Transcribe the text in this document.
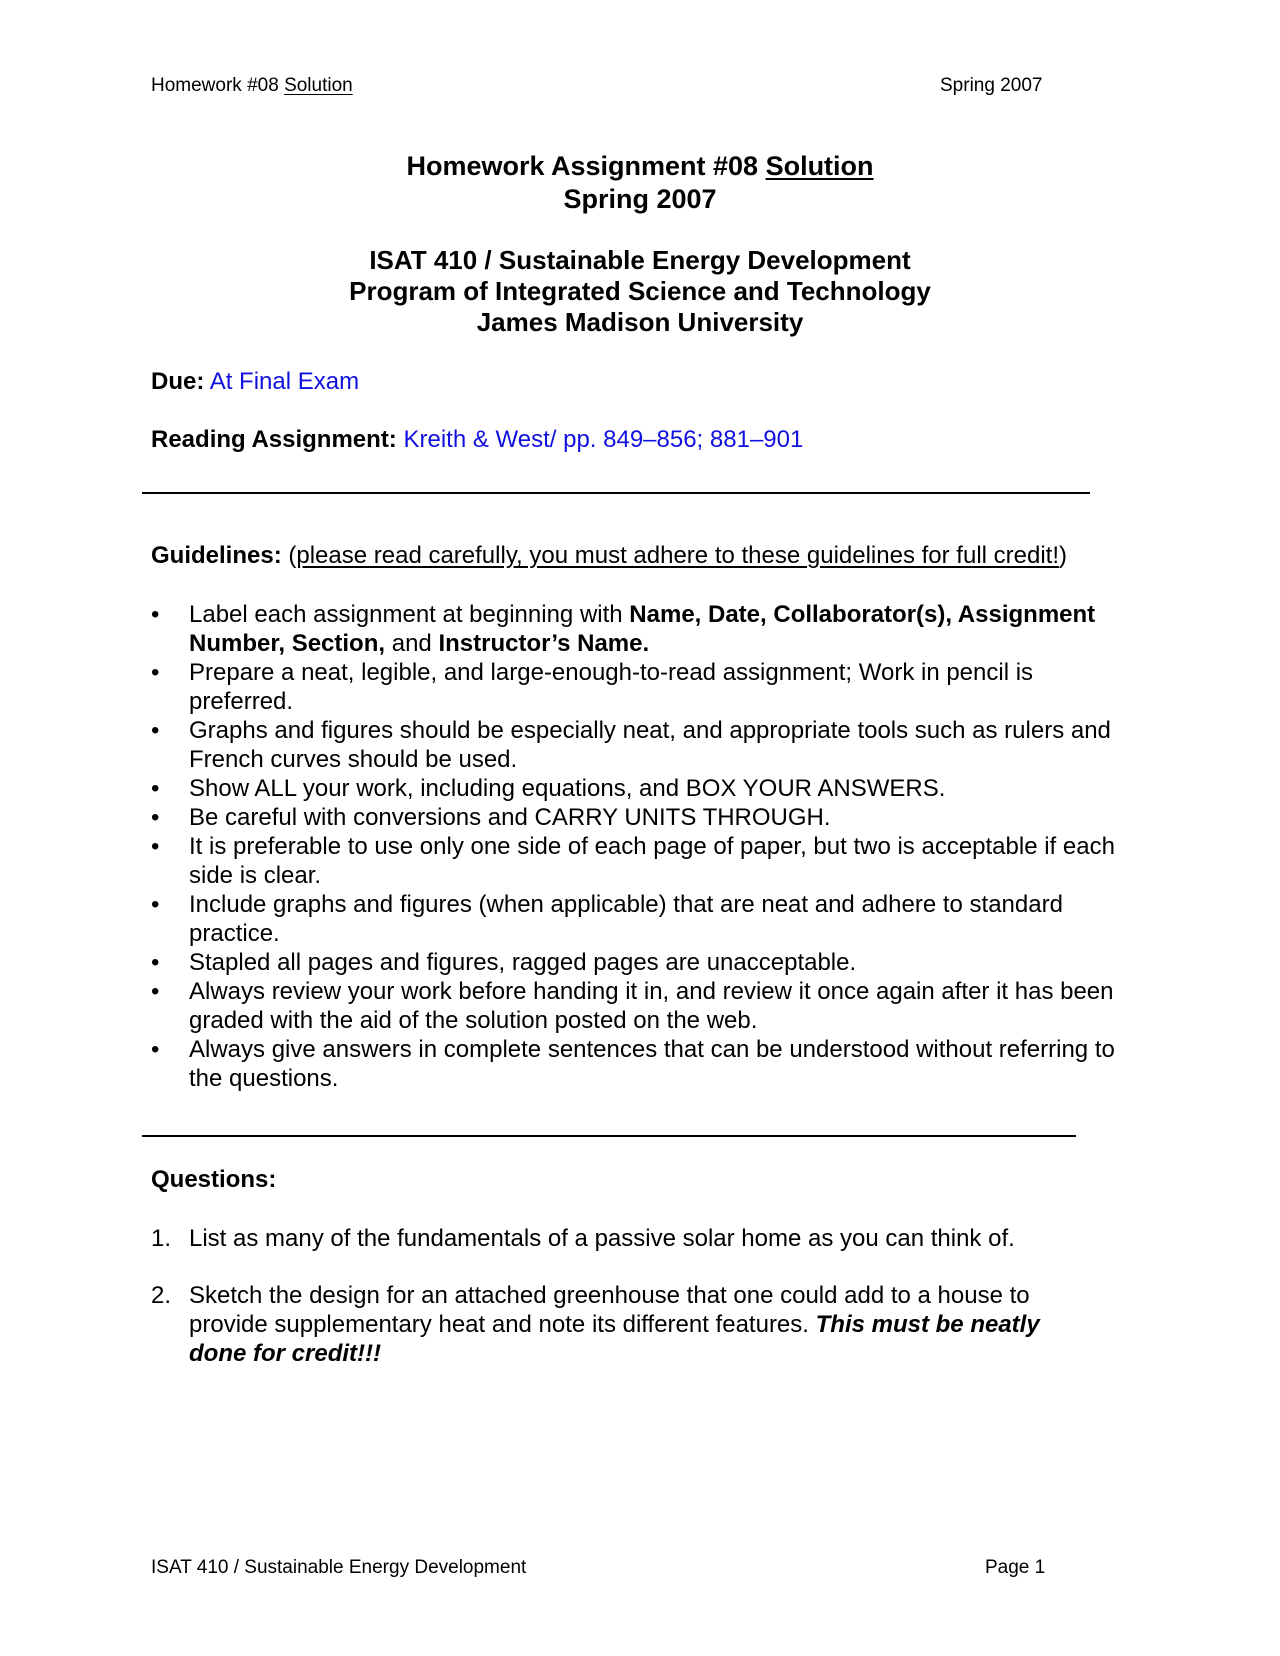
Homework #08 Solution	Spring 2007
Homework Assignment #08 Solution
Spring 2007
ISAT 410 / Sustainable Energy Development
Program of Integrated Science and Technology
James Madison University
Due: At Final Exam
Reading Assignment: Kreith & West/ pp. 849–856; 881–901
Guidelines: (please read carefully, you must adhere to these guidelines for full credit!)
• Label each assignment at beginning with Name, Date, Collaborator(s), Assignment Number, Section, and Instructor’s Name.
• Prepare a neat, legible, and large-enough-to-read assignment; Work in pencil is preferred.
• Graphs and figures should be especially neat, and appropriate tools such as rulers and French curves should be used.
• Show ALL your work, including equations, and BOX YOUR ANSWERS.
• Be careful with conversions and CARRY UNITS THROUGH.
• It is preferable to use only one side of each page of paper, but two is acceptable if each side is clear.
• Include graphs and figures (when applicable) that are neat and adhere to standard practice.
• Stapled all pages and figures, ragged pages are unacceptable.
• Always review your work before handing it in, and review it once again after it has been graded with the aid of the solution posted on the web.
• Always give answers in complete sentences that can be understood without referring to the questions.
Questions:
1. List as many of the fundamentals of a passive solar home as you can think of.
2. Sketch the design for an attached greenhouse that one could add to a house to provide supplementary heat and note its different features. This must be neatly done for credit!!!
ISAT 410 / Sustainable Energy Development	Page 1
